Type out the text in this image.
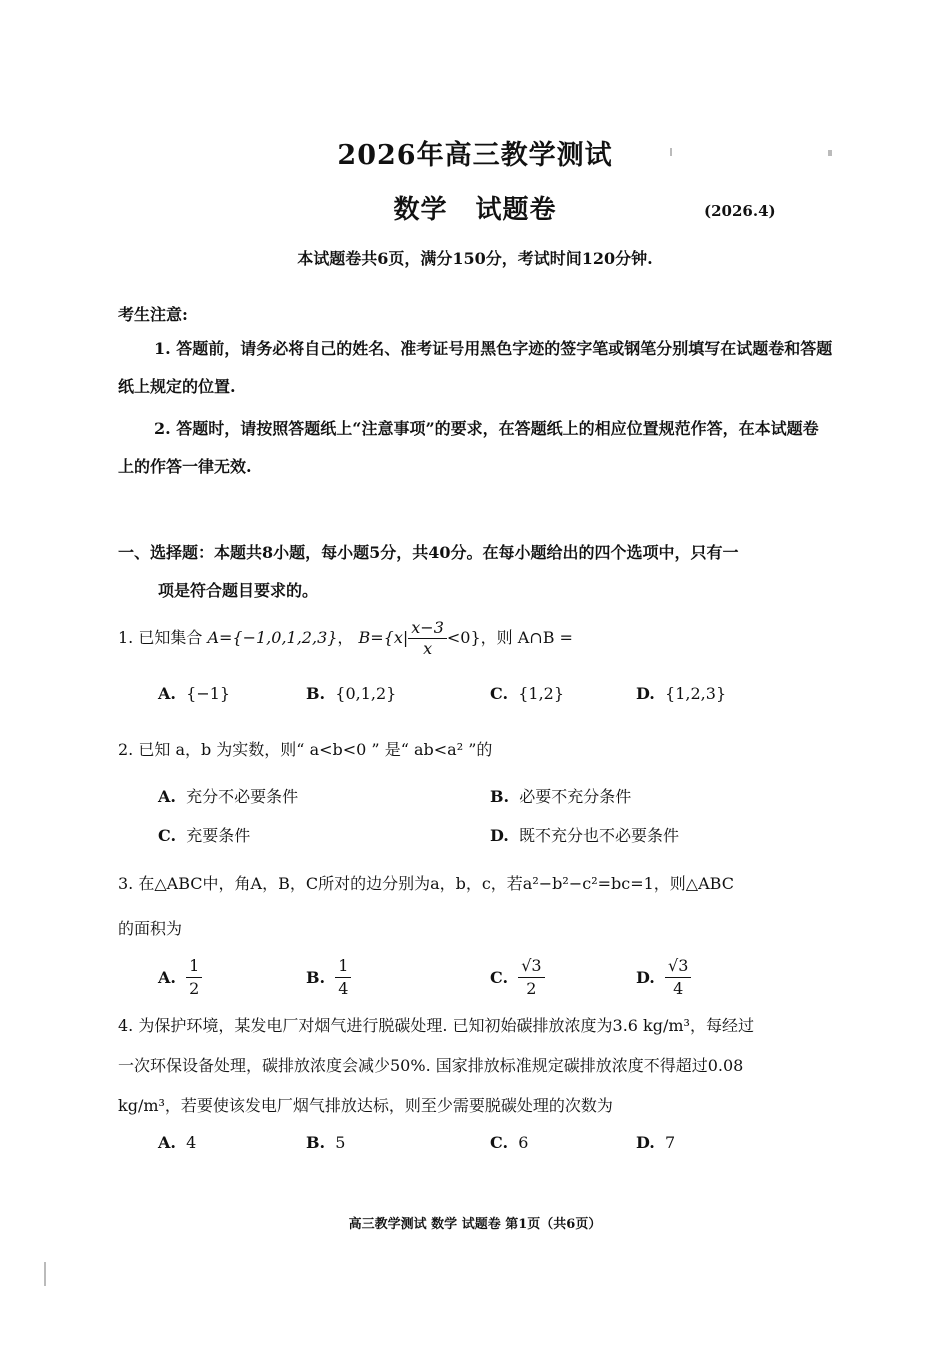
2026年高三教学测试
数学 试题卷	(2026.4)
本试题卷共6页，满分150分，考试时间120分钟.
考生注意:
1. 答题前，请务必将自己的姓名、准考证号用黑色字迹的签字笔或钢笔分别填写在试题卷和答题纸上规定的位置.
2. 答题时，请按照答题纸上“注意事项”的要求，在答题纸上的相应位置规范作答，在本试题卷上的作答一律无效.
一、选择题：本题共8小题，每小题5分，共40分。在每小题给出的四个选项中，只有一
项是符合题目要求的。
1. 已知集合 A={−1,0,1,2,3}， $B=\{x| \frac{x-3}{x} <0\}$，则 A∩B =
A. {−1}	B. {0,1,2}	C. {1,2}	D. {1,2,3}
2. 已知 a，b 为实数，则“ a<b<0 ” 是“ ab<a² ”的
A. 充分不必要条件	B. 必要不充分条件
C. 充要条件	D. 既不充分也不必要条件
3. 在△ABC中，角A，B，C所对的边分别为a，b，c，若a²−b²−c²=bc=1，则△ABC
的面积为
A. $\frac{1}{2}$	B. $\frac{1}{4}$	C. $\frac{√3}{2}$	D. $\frac{√3}{4}$
4. 为保护环境，某发电厂对烟气进行脱碳处理. 已知初始碳排放浓度为3.6 kg/m³，每经过
一次环保设备处理，碳排放浓度会减少50%. 国家排放标准规定碳排放浓度不得超过0.08
kg/m³，若要使该发电厂烟气排放达标，则至少需要脱碳处理的次数为
A. 4	B. 5	C. 6	D. 7
高三教学测试 数学 试题卷 第1页（共6页）
